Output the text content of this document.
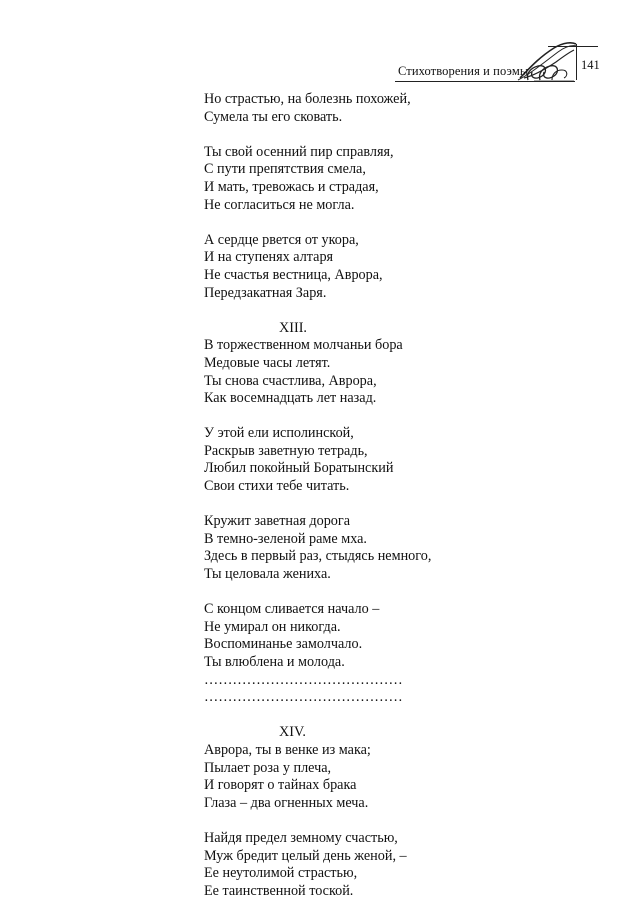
Стихотворения и поэмы	141
Но страстью, на болезнь похожей,
Сумела ты его сковать.
Ты свой осенний пир справляя,
С пути препятствия смела,
И мать, тревожась и страдая,
Не согласиться не могла.
А сердце рвется от укора,
И на ступенях алтаря
Не счастья вестница, Аврора,
Передзакатная Заря.
XIII.
В торжественном молчаньи бора
Медовые часы летят.
Ты снова счастлива, Аврора,
Как восемнадцать лет назад.
У этой ели исполинской,
Раскрыв заветную тетрадь,
Любил покойный Боратынский
Свои стихи тебе читать.
Кружит заветная дорога
В темно-зеленой раме мха.
Здесь в первый раз, стыдясь немного,
Ты целовала жениха.
С концом сливается начало –
Не умирал он никогда.
Воспоминанье замолчало.
Ты влюблена и молода.
……………………………………
……………………………………
XIV.
Аврора, ты в венке из мака;
Пылает роза у плеча,
И говорят о тайнах брака
Глаза – два огненных меча.
Найдя предел земному счастью,
Муж бредит целый день женой, –
Ее неутолимой страстью,
Ее таинственной тоской.
